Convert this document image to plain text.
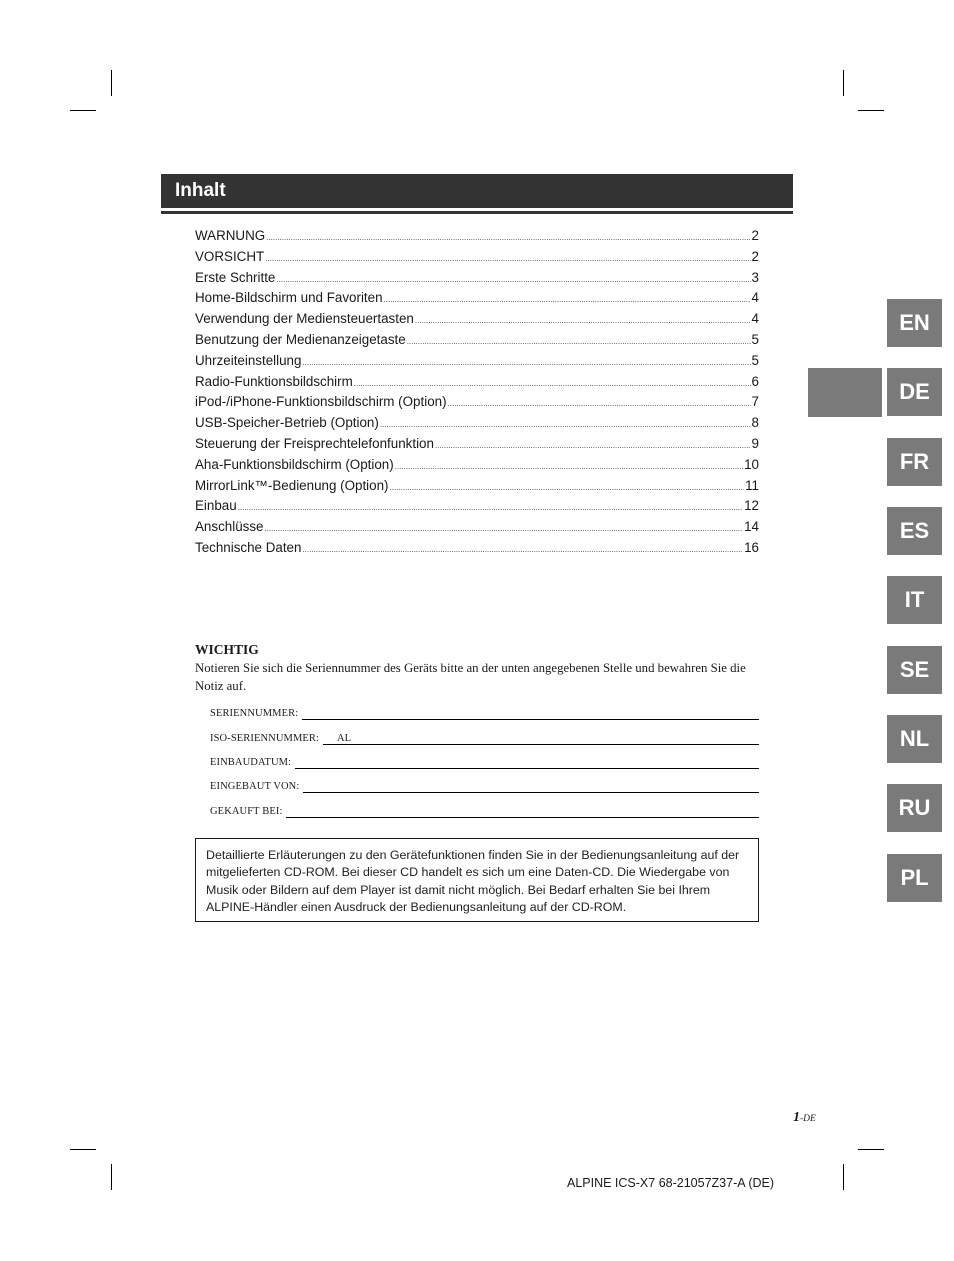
Inhalt
WARNUNG .....	2
VORSICHT .....	2
Erste Schritte .....	3
Home-Bildschirm und Favoriten .....	4
Verwendung der Mediensteuertasten .....	4
Benutzung der Medienanzeigetaste .....	5
Uhrzeiteinstellung .....	5
Radio-Funktionsbildschirm .....	6
iPod-/iPhone-Funktionsbildschirm (Option) .....	7
USB-Speicher-Betrieb (Option) .....	8
Steuerung der Freisprechtelefonfunktion .....	9
Aha-Funktionsbildschirm (Option) .....	10
MirrorLink™-Bedienung (Option) .....	11
Einbau .....	12
Anschlüsse .....	14
Technische Daten .....	16
EN
DE
FR
ES
IT
SE
NL
RU
PL
WICHTIG
Notieren Sie sich die Seriennummer des Geräts bitte an der unten angegebenen Stelle und bewahren Sie die Notiz auf.
SERIENNUMMER:
ISO-SERIENNUMMER: AL
EINBAUDATUM:
EINGEBAUT VON:
GEKAUFT BEI:
Detaillierte Erläuterungen zu den Gerätefunktionen finden Sie in der Bedienungsanleitung auf der mitgelieferten CD-ROM. Bei dieser CD handelt es sich um eine Daten-CD. Die Wiedergabe von Musik oder Bildern auf dem Player ist damit nicht möglich. Bei Bedarf erhalten Sie bei Ihrem ALPINE-Händler einen Ausdruck der Bedienungsanleitung auf der CD-ROM.
1-DE
ALPINE ICS-X7 68-21057Z37-A (DE)
